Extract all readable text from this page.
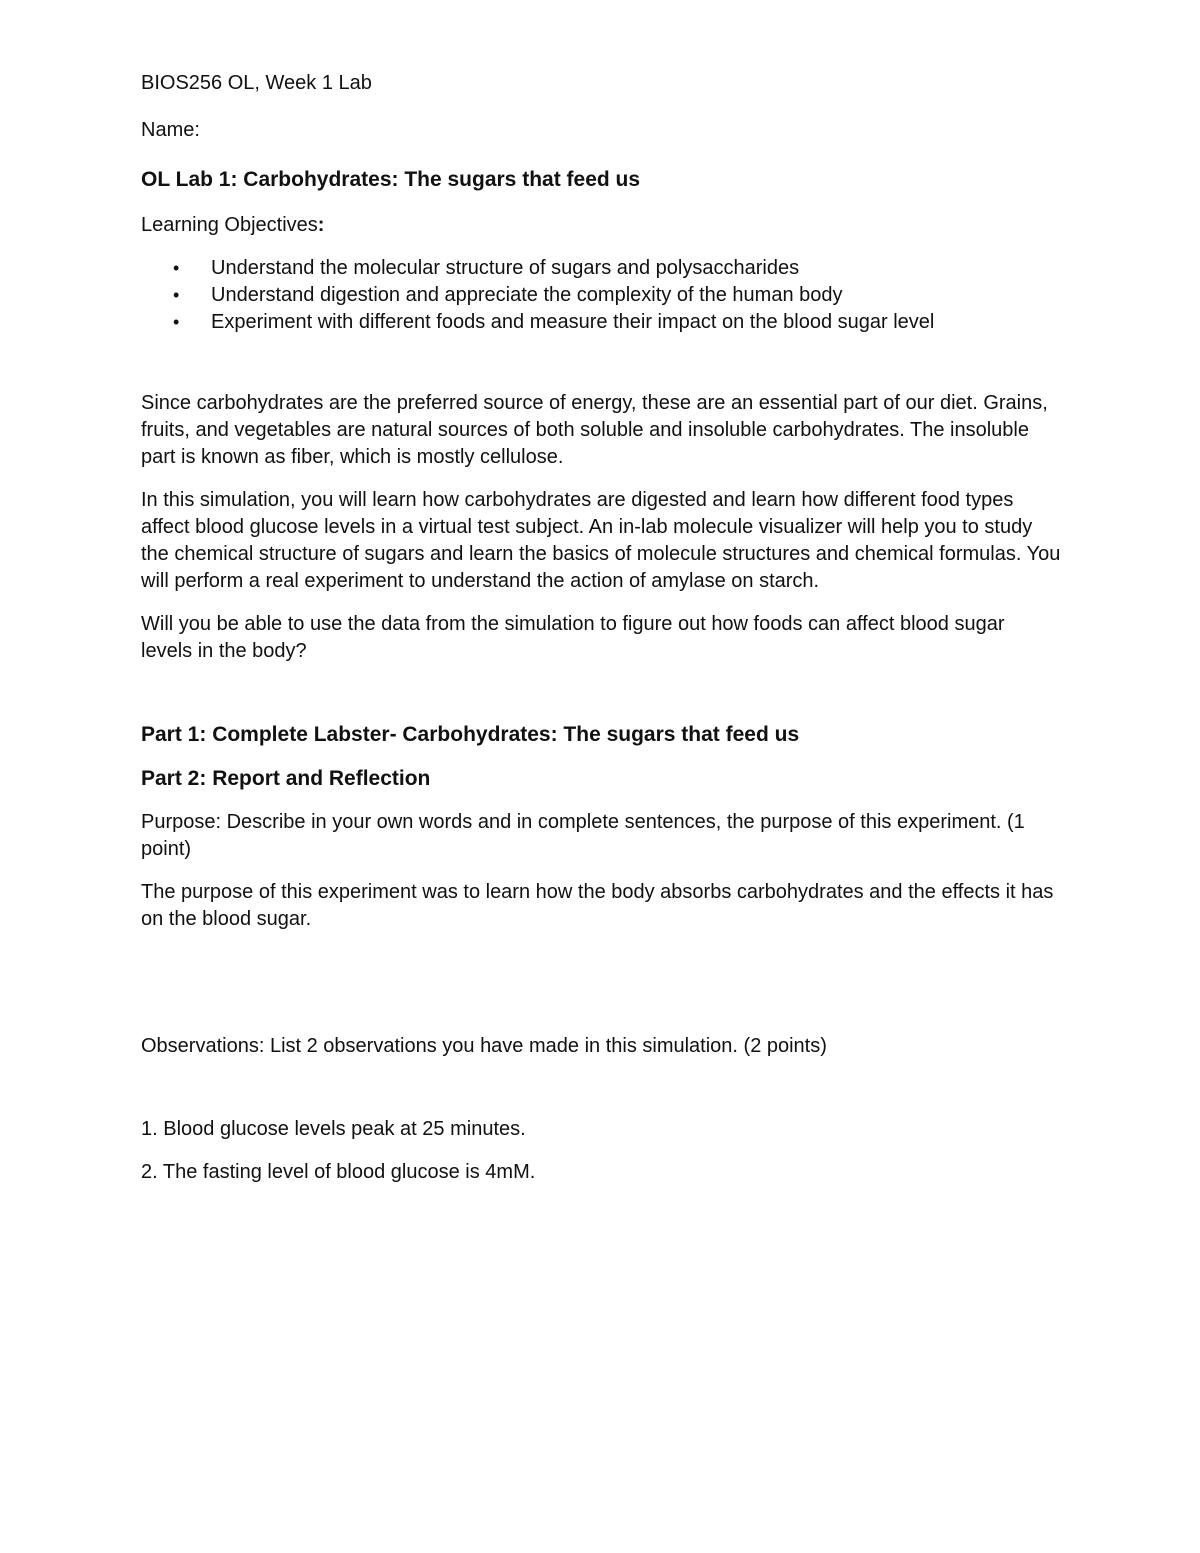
BIOS256 OL, Week 1 Lab

Name:

OL Lab 1: Carbohydrates: The sugars that feed us

Learning Objectives:

• Understand the molecular structure of sugars and polysaccharides
• Understand digestion and appreciate the complexity of the human body
• Experiment with different foods and measure their impact on the blood sugar level

Since carbohydrates are the preferred source of energy, these are an essential part of our diet. Grains, fruits, and vegetables are natural sources of both soluble and insoluble carbohydrates. The insoluble part is known as fiber, which is mostly cellulose.

In this simulation, you will learn how carbohydrates are digested and learn how different food types affect blood glucose levels in a virtual test subject. An in-lab molecule visualizer will help you to study the chemical structure of sugars and learn the basics of molecule structures and chemical formulas. You will perform a real experiment to understand the action of amylase on starch.

Will you be able to use the data from the simulation to figure out how foods can affect blood sugar levels in the body?

Part 1: Complete Labster- Carbohydrates: The sugars that feed us
Part 2: Report and Reflection

Purpose: Describe in your own words and in complete sentences, the purpose of this experiment. (1 point)

The purpose of this experiment was to learn how the body absorbs carbohydrates and the effects it has on the blood sugar.

Observations: List 2 observations you have made in this simulation. (2 points)

1. Blood glucose levels peak at 25 minutes.

2. The fasting level of blood glucose is 4mM.
